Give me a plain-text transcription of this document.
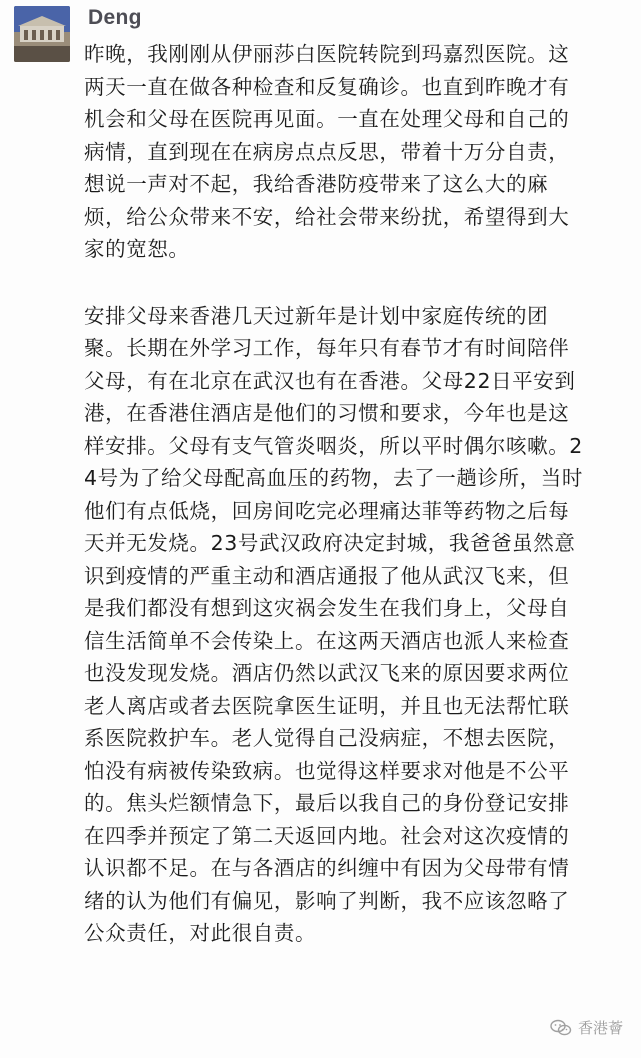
Deng

昨晚，我刚刚从伊丽莎白医院转院到玛嘉烈医院。这两天一直在做各种检查和反复确诊。也直到昨晚才有机会和父母在医院再见面。一直在处理父母和自己的病情，直到现在在病房点点反思，带着十万分自责，想说一声对不起，我给香港防疫带来了这么大的麻烦，给公众带来不安，给社会带来纷扰，希望得到大家的宽恕。

安排父母来香港几天过新年是计划中家庭传统的团聚。长期在外学习工作，每年只有春节才有时间陪伴父母，有在北京在武汉也有在香港。父母22日平安到港，在香港住酒店是他们的习惯和要求，今年也是这样安排。父母有支气管炎咽炎，所以平时偶尔咳嗽。24号为了给父母配高血压的药物，去了一趟诊所，当时他们有点低烧，回房间吃完必理痛达菲等药物之后每天并无发烧。23号武汉政府决定封城，我爸爸虽然意识到疫情的严重主动和酒店通报了他从武汉飞来，但是我们都没有想到这灾祸会发生在我们身上，父母自信生活简单不会传染上。在这两天酒店也派人来检查也没发现发烧。酒店仍然以武汉飞来的原因要求两位老人离店或者去医院拿医生证明，并且也无法帮忙联系医院救护车。老人觉得自己没病症，不想去医院，怕没有病被传染致病。也觉得这样要求对他是不公平的。焦头烂额情急下，最后以我自己的身份登记安排在四季并预定了第二天返回内地。社会对这次疫情的认识都不足。在与各酒店的纠缠中有因为父母带有情绪的认为他们有偏见，影响了判断，我不应该忽略了公众责任，对此很自责。

香港薈
